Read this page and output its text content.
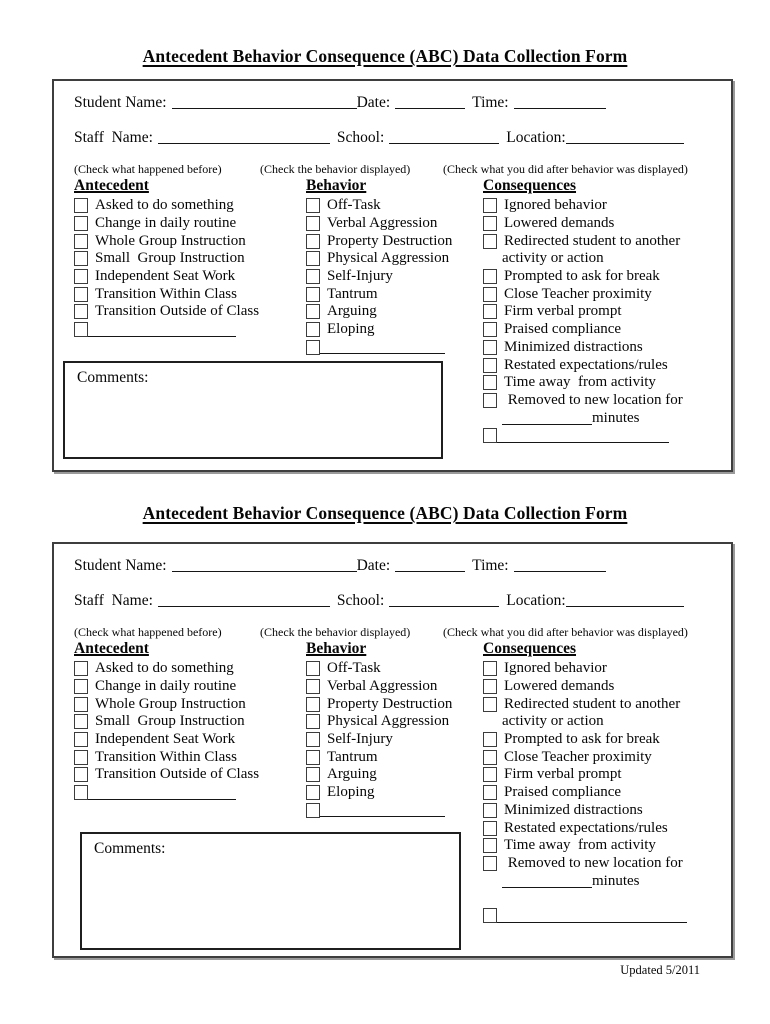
Antecedent Behavior Consequence (ABC) Data Collection Form
Student Name:	Date:	Time:
Staff  Name:	School:	Location:
(Check what happened before)
Antecedent
Asked to do something
Change in daily routine
Whole Group Instruction
Small  Group Instruction
Independent Seat Work
Transition Within Class
Transition Outside of Class
(Check the behavior displayed)
Behavior
Off-Task
Verbal Aggression
Property Destruction
Physical Aggression
Self-Injury
Tantrum
Arguing
Eloping
(Check what you did after behavior was displayed)
Consequences
Ignored behavior
Lowered demands
Redirected student to another
activity or action
Prompted to ask for break
Close Teacher proximity
Firm verbal prompt
Praised compliance
Minimized distractions
Restated expectations/rules
Time away  from activity
Removed to new location for
minutes
Comments:
Antecedent Behavior Consequence (ABC) Data Collection Form
Student Name:	Date:	Time:
Staff  Name:	School:	Location:
(Check what happened before)
Antecedent
Asked to do something
Change in daily routine
Whole Group Instruction
Small  Group Instruction
Independent Seat Work
Transition Within Class
Transition Outside of Class
(Check the behavior displayed)
Behavior
Off-Task
Verbal Aggression
Property Destruction
Physical Aggression
Self-Injury
Tantrum
Arguing
Eloping
(Check what you did after behavior was displayed)
Consequences
Ignored behavior
Lowered demands
Redirected student to another
activity or action
Prompted to ask for break
Close Teacher proximity
Firm verbal prompt
Praised compliance
Minimized distractions
Restated expectations/rules
Time away  from activity
Removed to new location for
minutes
Comments:
Updated 5/2011
